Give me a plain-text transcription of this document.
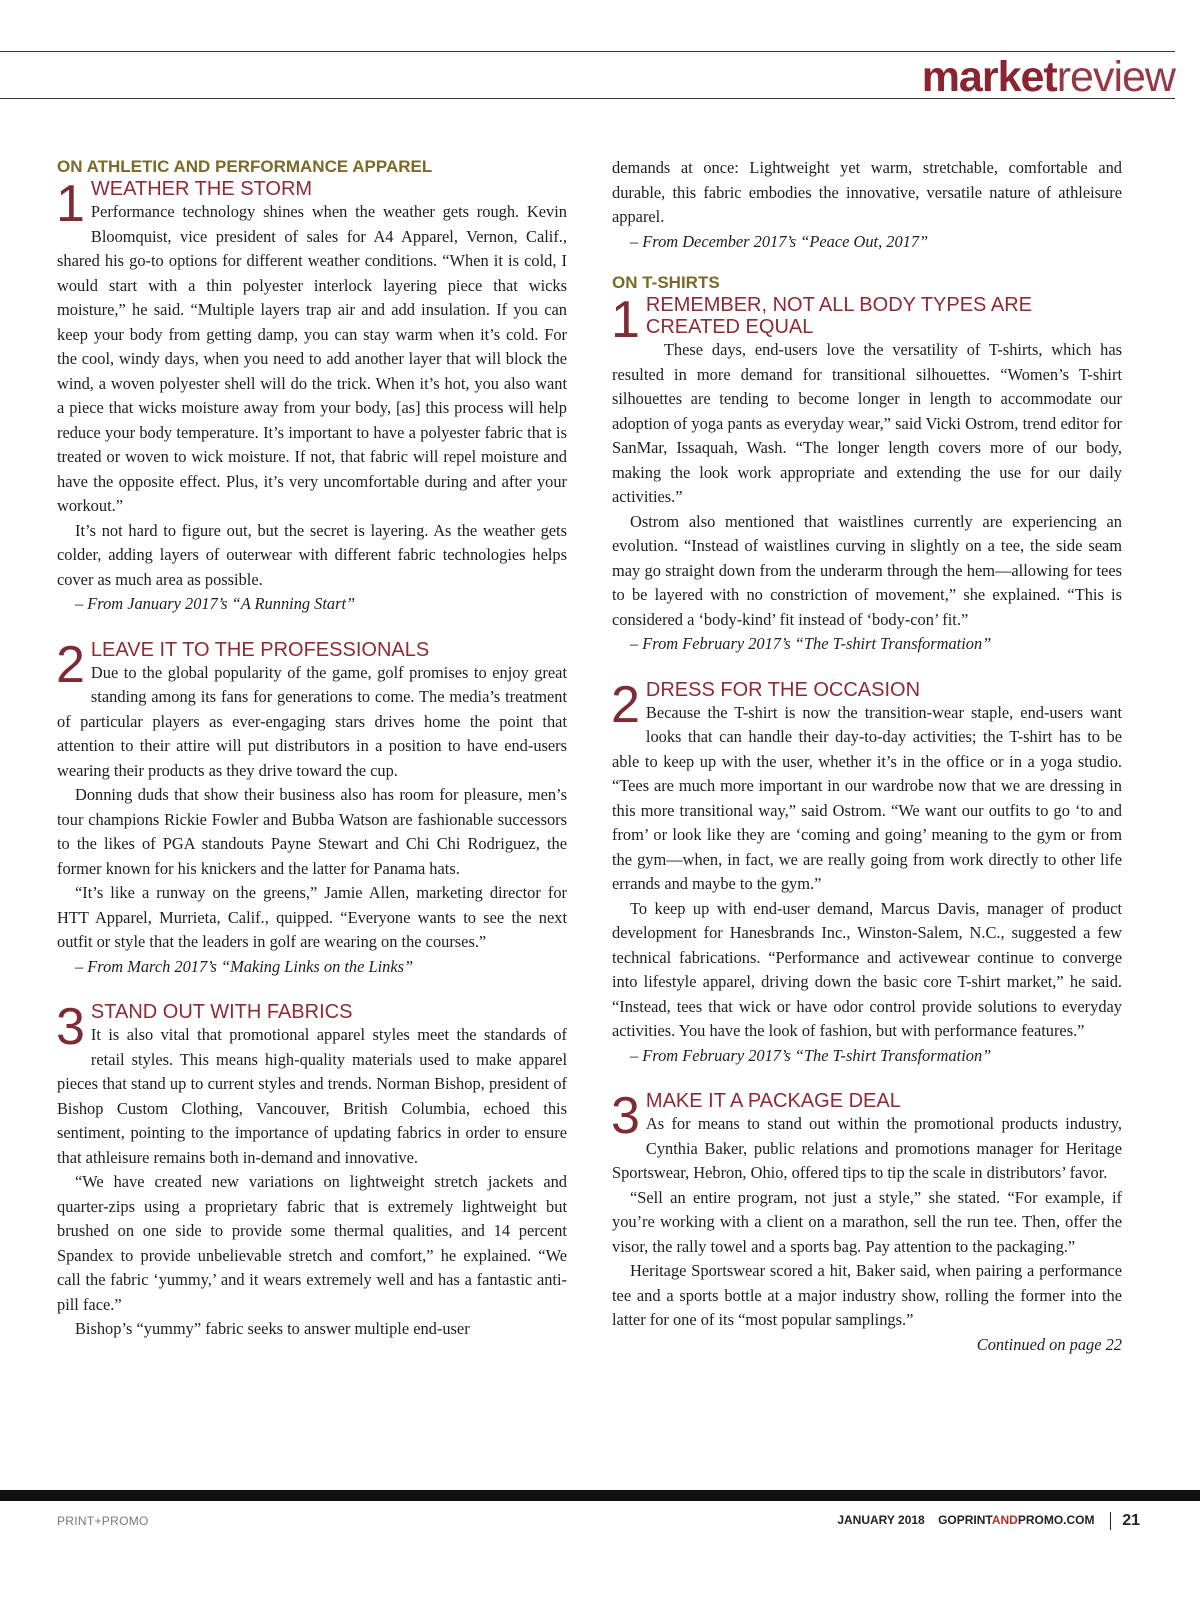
marketreview
ON ATHLETIC AND PERFORMANCE APPAREL
1 WEATHER THE STORM

Performance technology shines when the weather gets rough. Kevin Bloomquist, vice president of sales for A4 Apparel, Vernon, Calif., shared his go-to options for different weather conditions. “When it is cold, I would start with a thin polyester interlock layering piece that wicks moisture,” he said. “Multiple layers trap air and add insulation. If you can keep your body from getting damp, you can stay warm when it’s cold. For the cool, windy days, when you need to add another layer that will block the wind, a woven polyester shell will do the trick. When it’s hot, you also want a piece that wicks moisture away from your body, [as] this process will help reduce your body temperature. It’s important to have a polyester fabric that is treated or woven to wick moisture. If not, that fabric will repel moisture and have the opposite effect. Plus, it’s very uncomfortable during and after your workout.”

It’s not hard to figure out, but the secret is layering. As the weather gets colder, adding layers of outerwear with different fabric technologies helps cover as much area as possible.

– From January 2017’s “A Running Start”

2 LEAVE IT TO THE PROFESSIONALS

Due to the global popularity of the game, golf promises to enjoy great standing among its fans for generations to come. The media’s treatment of particular players as ever-engaging stars drives home the point that attention to their attire will put distributors in a position to have end-users wearing their products as they drive toward the cup.

Donning duds that show their business also has room for pleasure, men’s tour champions Rickie Fowler and Bubba Watson are fashionable successors to the likes of PGA standouts Payne Stewart and Chi Chi Rodriguez, the former known for his knickers and the latter for Panama hats.

“It’s like a runway on the greens,” Jamie Allen, marketing director for HTT Apparel, Murrieta, Calif., quipped. “Everyone wants to see the next outfit or style that the leaders in golf are wearing on the courses.”

– From March 2017’s “Making Links on the Links”

3 STAND OUT WITH FABRICS

It is also vital that promotional apparel styles meet the standards of retail styles. This means high-quality materials used to make apparel pieces that stand up to current styles and trends. Norman Bishop, president of Bishop Custom Clothing, Vancouver, British Columbia, echoed this sentiment, pointing to the importance of updating fabrics in order to ensure that athleisure remains both in-demand and innovative.

“We have created new variations on lightweight stretch jackets and quarter-zips using a proprietary fabric that is extremely lightweight but brushed on one side to provide some thermal qualities, and 14 percent Spandex to provide unbelievable stretch and comfort,” he explained. “We call the fabric ‘yummy,’ and it wears extremely well and has a fantastic anti-pill face.”

Bishop’s “yummy” fabric seeks to answer multiple end-user

demands at once: Lightweight yet warm, stretchable, comfortable and durable, this fabric embodies the innovative, versatile nature of athleisure apparel.

– From December 2017’s “Peace Out, 2017”

ON T-SHIRTS
1 REMEMBER, NOT ALL BODY TYPES ARE CREATED EQUAL

These days, end-users love the versatility of T-shirts, which has resulted in more demand for transitional silhouettes. “Women’s T-shirt silhouettes are tending to become longer in length to accommodate our adoption of yoga pants as everyday wear,” said Vicki Ostrom, trend editor for SanMar, Issaquah, Wash. “The longer length covers more of our body, making the look work appropriate and extending the use for our daily activities.”

Ostrom also mentioned that waistlines currently are experiencing an evolution. “Instead of waistlines curving in slightly on a tee, the side seam may go straight down from the underarm through the hem—allowing for tees to be layered with no constriction of movement,” she explained. “This is considered a ‘body-kind’ fit instead of ‘body-con’ fit.”

– From February 2017’s “The T-shirt Transformation”

2 DRESS FOR THE OCCASION

Because the T-shirt is now the transition-wear staple, end-users want looks that can handle their day-to-day activities; the T-shirt has to be able to keep up with the user, whether it’s in the office or in a yoga studio. “Tees are much more important in our wardrobe now that we are dressing in this more transitional way,” said Ostrom. “We want our outfits to go ‘to and from’ or look like they are ‘coming and going’ meaning to the gym or from the gym—when, in fact, we are really going from work directly to other life errands and maybe to the gym.”

To keep up with end-user demand, Marcus Davis, manager of product development for Hanesbrands Inc., Winston-Salem, N.C., suggested a few technical fabrications. “Performance and activewear continue to converge into lifestyle apparel, driving down the basic core T-shirt market,” he said. “Instead, tees that wick or have odor control provide solutions to everyday activities. You have the look of fashion, but with performance features.”

– From February 2017’s “The T-shirt Transformation”

3 MAKE IT A PACKAGE DEAL

As for means to stand out within the promotional products industry, Cynthia Baker, public relations and promotions manager for Heritage Sportswear, Hebron, Ohio, offered tips to tip the scale in distributors’ favor.

“Sell an entire program, not just a style,” she stated. “For example, if you’re working with a client on a marathon, sell the run tee. Then, offer the visor, the rally towel and a sports bag. Pay attention to the packaging.”

Heritage Sportswear scored a hit, Baker said, when pairing a performance tee and a sports bottle at a major industry show, rolling the former into the latter for one of its “most popular samplings.”

Continued on page 22

PRINT+PROMO	JANUARY 2018 GOPRINTANDPROMO.COM 21
